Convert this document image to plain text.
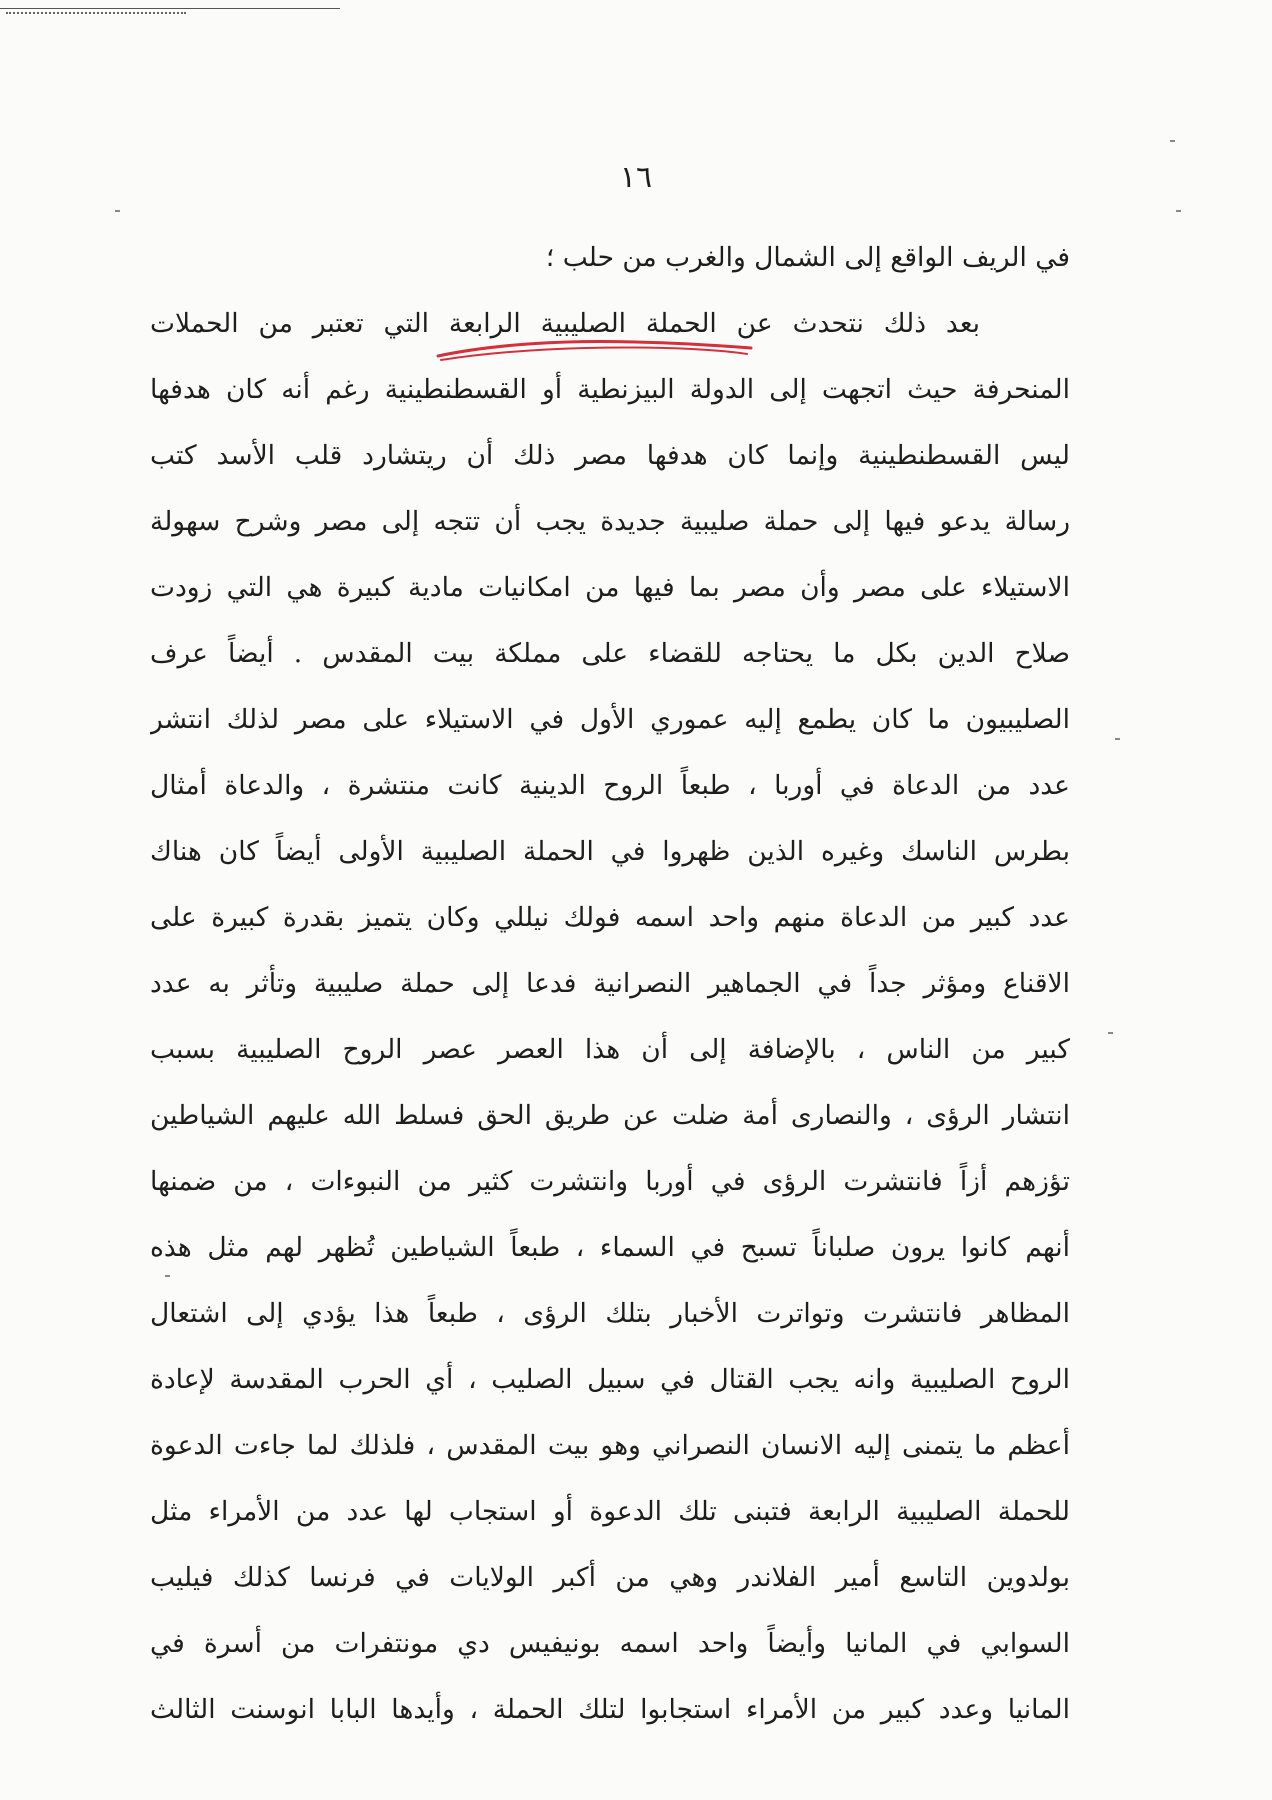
١٦
في الريف الواقع إلى الشمال والغرب من حلب ؛
بعد ذلك نتحدث عن الحملة الصليبية الرابعة التي تعتبر من الحملات
المنحرفة حيث اتجهت إلى الدولة البيزنطية أو القسطنطينية رغم أنه كان هدفها
ليس القسطنطينية وإنما كان هدفها مصر ذلك أن ريتشارد قلب الأسد كتب
رسالة يدعو فيها إلى حملة صليبية جديدة يجب أن تتجه إلى مصر وشرح سهولة
الاستيلاء على مصر وأن مصر بما فيها من امكانيات مادية كبيرة هي التي زودت
صلاح الدين بكل ما يحتاجه للقضاء على مملكة بيت المقدس . أيضاً عرف
الصليبيون ما كان يطمع إليه عموري الأول في الاستيلاء على مصر لذلك انتشر
عدد من الدعاة في أوربا ، طبعاً الروح الدينية كانت منتشرة ، والدعاة أمثال
بطرس الناسك وغيره الذين ظهروا في الحملة الصليبية الأولى أيضاً كان هناك
عدد كبير من الدعاة منهم واحد اسمه فولك نيللي وكان يتميز بقدرة كبيرة على
الاقناع ومؤثر جداً في الجماهير النصرانية فدعا إلى حملة صليبية وتأثر به عدد
كبير من الناس ، بالإضافة إلى أن هذا العصر عصر الروح الصليبية بسبب
انتشار الرؤى ، والنصارى أمة ضلت عن طريق الحق فسلط الله عليهم الشياطين
تؤزهم أزاً فانتشرت الرؤى في أوربا وانتشرت كثير من النبوءات ، من ضمنها
أنهم كانوا يرون صلباناً تسبح في السماء ، طبعاً الشياطين تُظهر لهم مثل هذه
المظاهر فانتشرت وتواترت الأخبار بتلك الرؤى ، طبعاً هذا يؤدي إلى اشتعال
الروح الصليبية وانه يجب القتال في سبيل الصليب ، أي الحرب المقدسة لإعادة
أعظم ما يتمنى إليه الانسان النصراني وهو بيت المقدس ، فلذلك لما جاءت الدعوة
للحملة الصليبية الرابعة فتبنى تلك الدعوة أو استجاب لها عدد من الأمراء مثل
بولدوين التاسع أمير الفلاندر وهي من أكبر الولايات في فرنسا كذلك فيليب
السوابي في المانيا وأيضاً واحد اسمه بونيفيس دي مونتفرات من أسرة في
المانيا وعدد كبير من الأمراء استجابوا لتلك الحملة ، وأيدها البابا انوسنت الثالث
